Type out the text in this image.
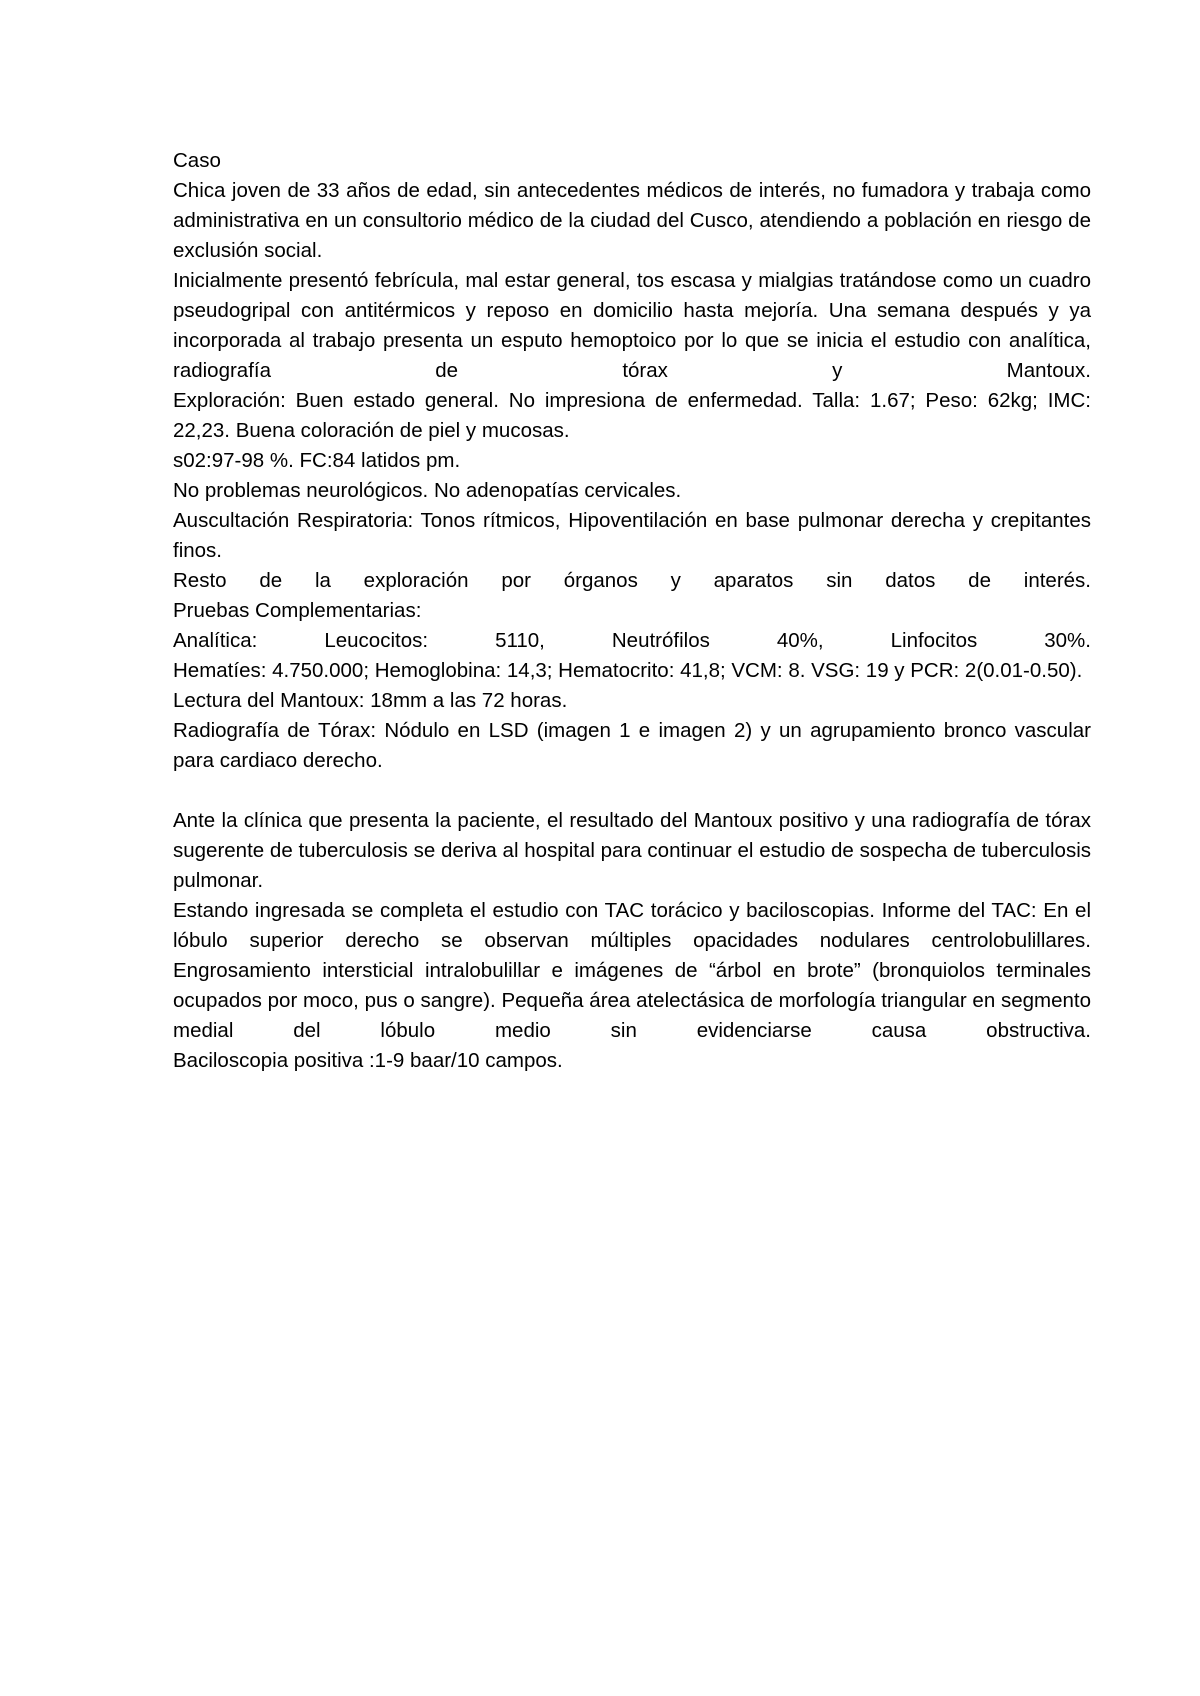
Caso

Chica joven de 33 años de edad, sin antecedentes médicos de interés, no fumadora y trabaja como administrativa en un consultorio médico de la ciudad del Cusco, atendiendo a población en riesgo de exclusión social.

Inicialmente presentó febrícula, mal estar general, tos escasa y mialgias tratándose como un cuadro pseudogripal con antitérmicos y reposo en domicilio hasta mejoría. Una semana después y ya incorporada al trabajo presenta un esputo hemoptoico por lo que se inicia el estudio con analítica, radiografía de tórax y Mantoux.

Exploración: Buen estado general. No impresiona de enfermedad. Talla: 1.67; Peso: 62kg; IMC: 22,23. Buena coloración de piel y mucosas.

s02:97-98 %. FC:84 latidos pm.

No problemas neurológicos. No adenopatías cervicales.

Auscultación Respiratoria: Tonos rítmicos, Hipoventilación en base pulmonar derecha y crepitantes finos.

Resto de la exploración por órganos y aparatos sin datos de interés.

Pruebas Complementarias:

Analítica: Leucocitos: 5110, Neutrófilos 40%, Linfocitos 30%.

Hematíes: 4.750.000; Hemoglobina: 14,3; Hematocrito: 41,8; VCM: 8. VSG: 19 y PCR: 2(0.01-0.50).

Lectura del Mantoux: 18mm a las 72 horas.

Radiografía de Tórax: Nódulo en LSD (imagen 1 e imagen 2) y un agrupamiento bronco vascular para cardiaco derecho.

Ante la clínica que presenta la paciente, el resultado del Mantoux positivo y una radiografía de tórax sugerente de tuberculosis se deriva al hospital para continuar el estudio de sospecha de tuberculosis pulmonar.

Estando ingresada se completa el estudio con TAC torácico y baciloscopias. Informe del TAC: En el lóbulo superior derecho se observan múltiples opacidades nodulares centrolobulillares. Engrosamiento intersticial intralobulillar e imágenes de “árbol en brote” (bronquiolos terminales ocupados por moco, pus o sangre). Pequeña área atelectásica de morfología triangular en segmento medial del lóbulo medio sin evidenciarse causa obstructiva.

Baciloscopia positiva :1-9 baar/10 campos.
